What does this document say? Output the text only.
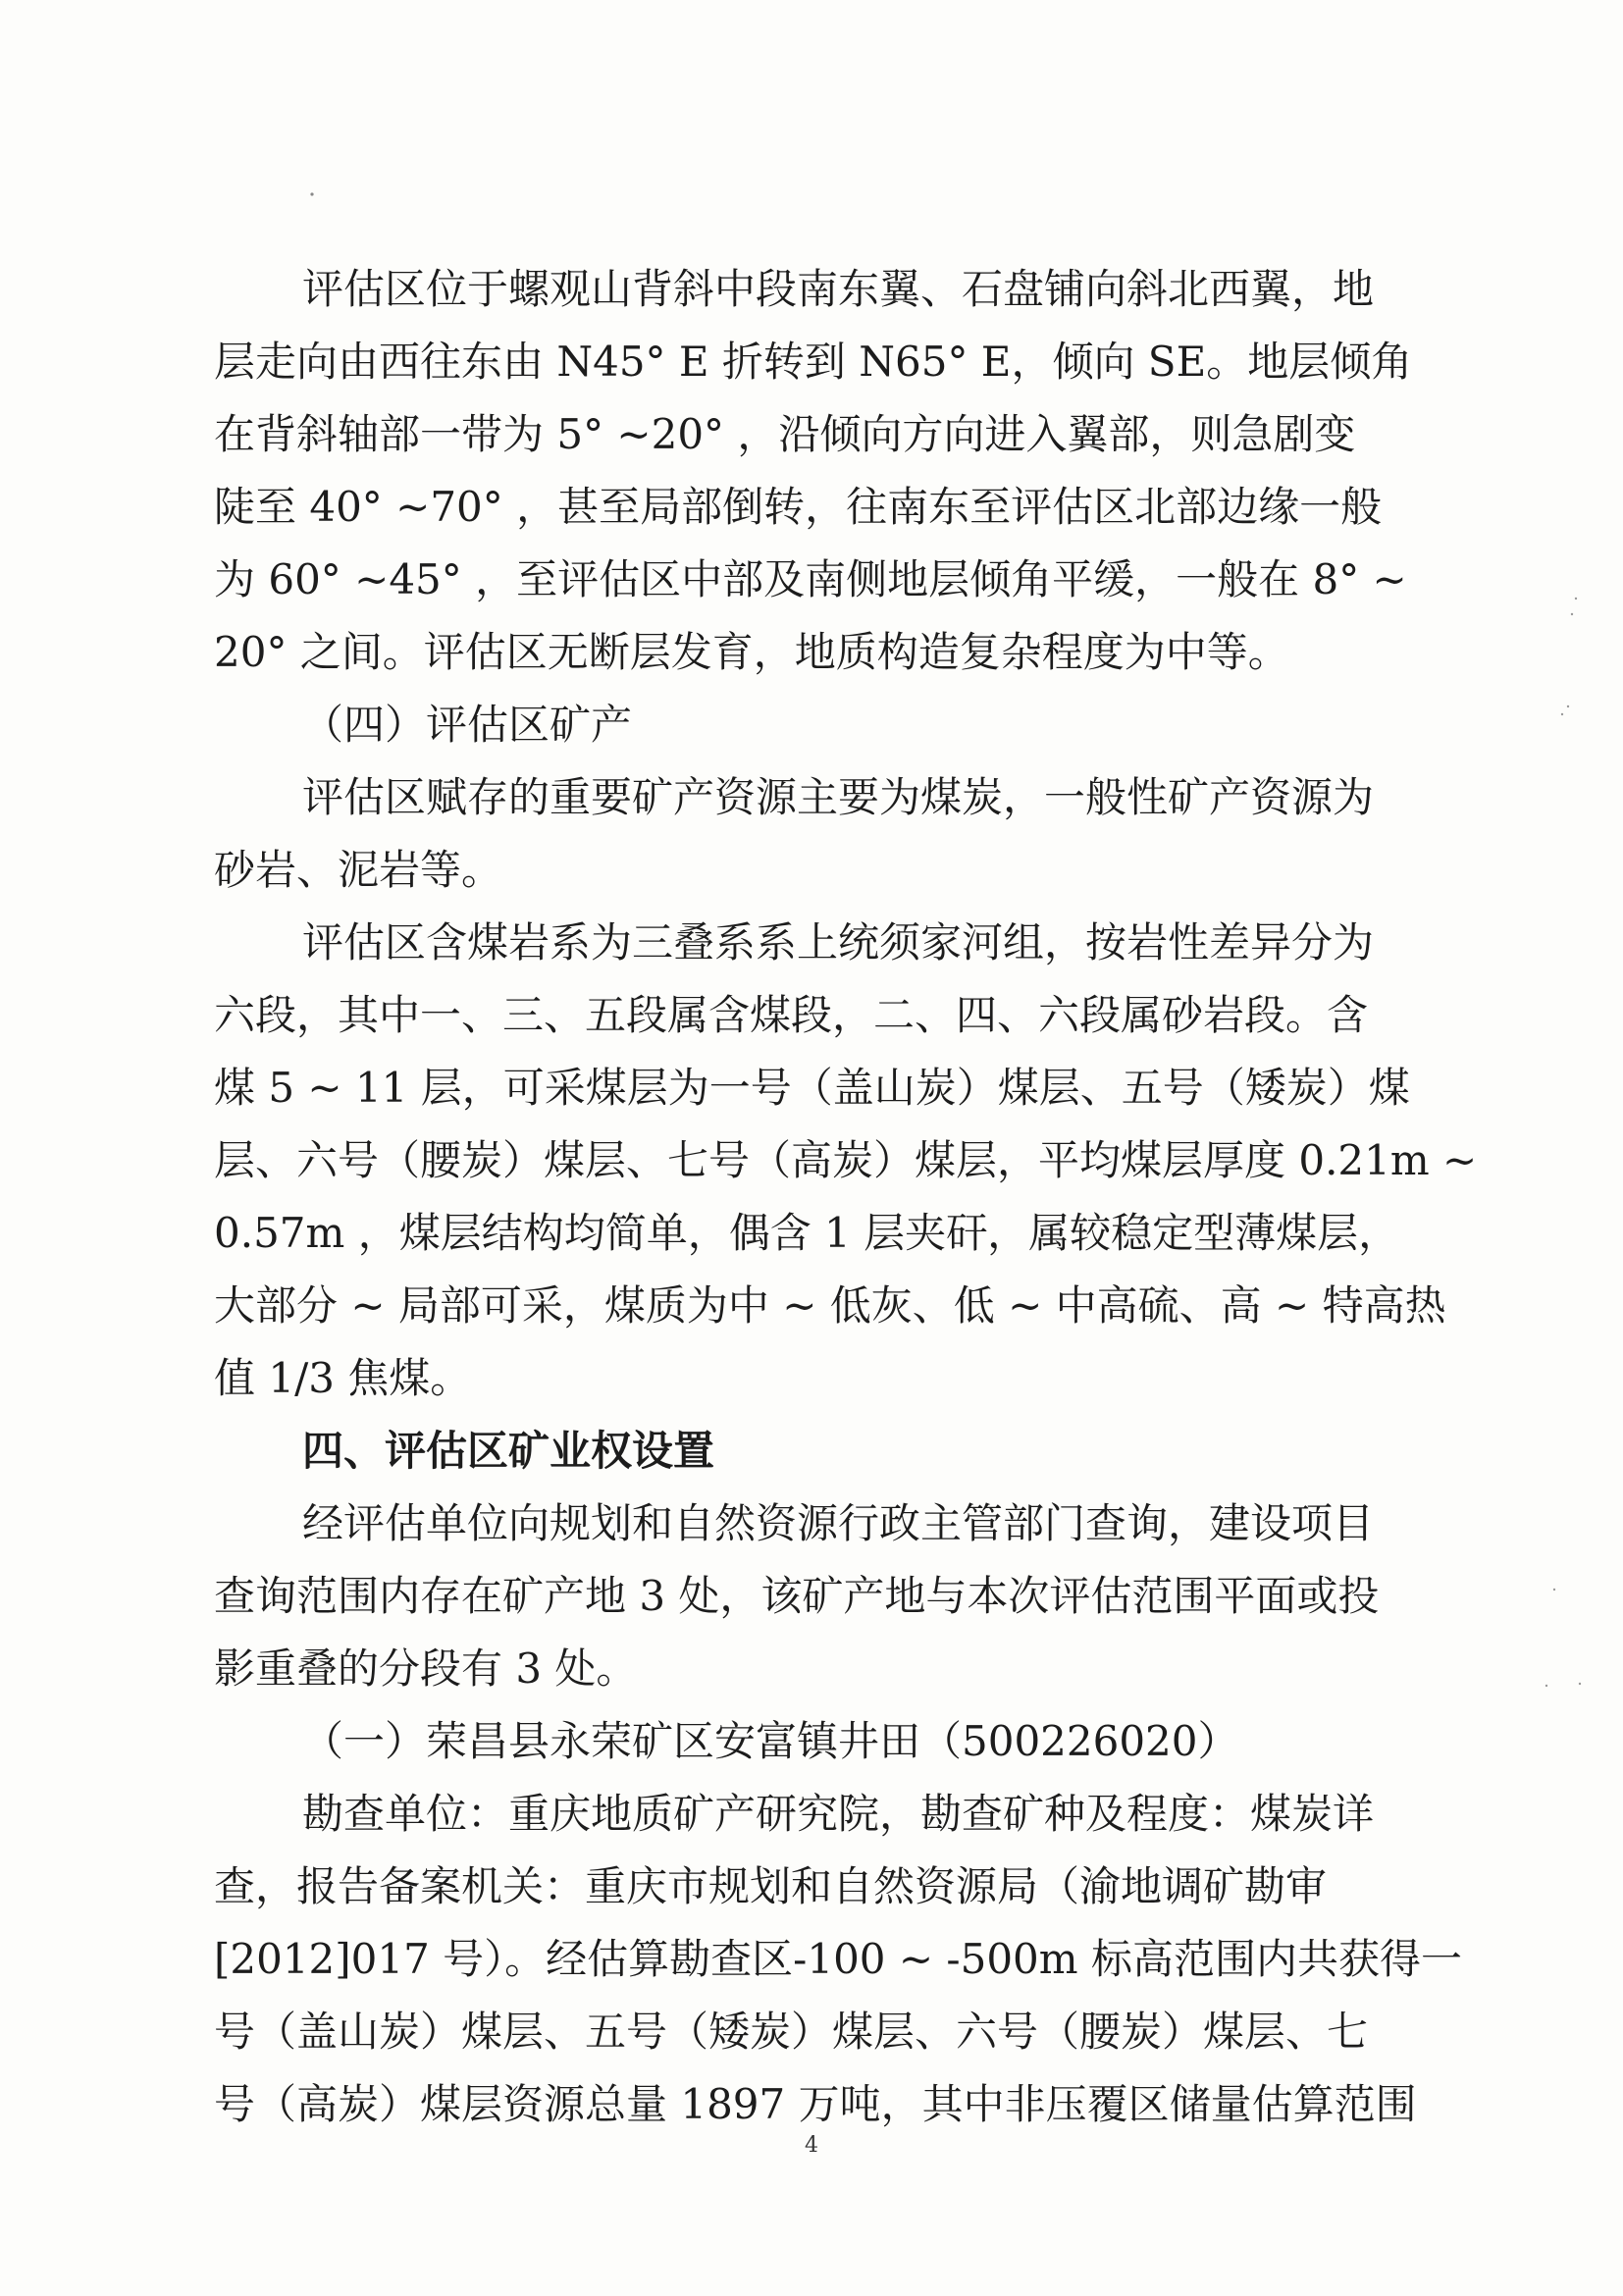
评估区位于螺观山背斜中段南东翼、石盘铺向斜北西翼，地
层走向由西往东由 N45° E 折转到 N65° E，倾向 SE。地层倾角
在背斜轴部一带为 5° ~20° ，沿倾向方向进入翼部，则急剧变
陡至 40° ~70° ，甚至局部倒转，往南东至评估区北部边缘一般
为 60° ~45° ，至评估区中部及南侧地层倾角平缓，一般在 8° ~
20° 之间。评估区无断层发育，地质构造复杂程度为中等。
（四）评估区矿产
评估区赋存的重要矿产资源主要为煤炭，一般性矿产资源为
砂岩、泥岩等。
评估区含煤岩系为三叠系系上统须家河组，按岩性差异分为
六段，其中一、三、五段属含煤段，二、四、六段属砂岩段。含
煤 5 ~ 11 层，可采煤层为一号（盖山炭）煤层、五号（矮炭）煤
层、六号（腰炭）煤层、七号（高炭）煤层，平均煤层厚度 0.21m ~
0.57m ，煤层结构均简单，偶含 1 层夹矸，属较稳定型薄煤层，
大部分 ~ 局部可采，煤质为中 ~ 低灰、低 ~ 中高硫、高 ~ 特高热
值 1/3 焦煤。
四、评估区矿业权设置
经评估单位向规划和自然资源行政主管部门查询，建设项目
查询范围内存在矿产地 3 处，该矿产地与本次评估范围平面或投
影重叠的分段有 3 处。
（一）荣昌县永荣矿区安富镇井田（500226020）
勘查单位：重庆地质矿产研究院，勘查矿种及程度：煤炭详
查，报告备案机关：重庆市规划和自然资源局（渝地调矿勘审
[2012]017 号）。经估算勘查区-100 ~ -500m 标高范围内共获得一
号（盖山炭）煤层、五号（矮炭）煤层、六号（腰炭）煤层、七
号（高炭）煤层资源总量 1897 万吨，其中非压覆区储量估算范围
4
